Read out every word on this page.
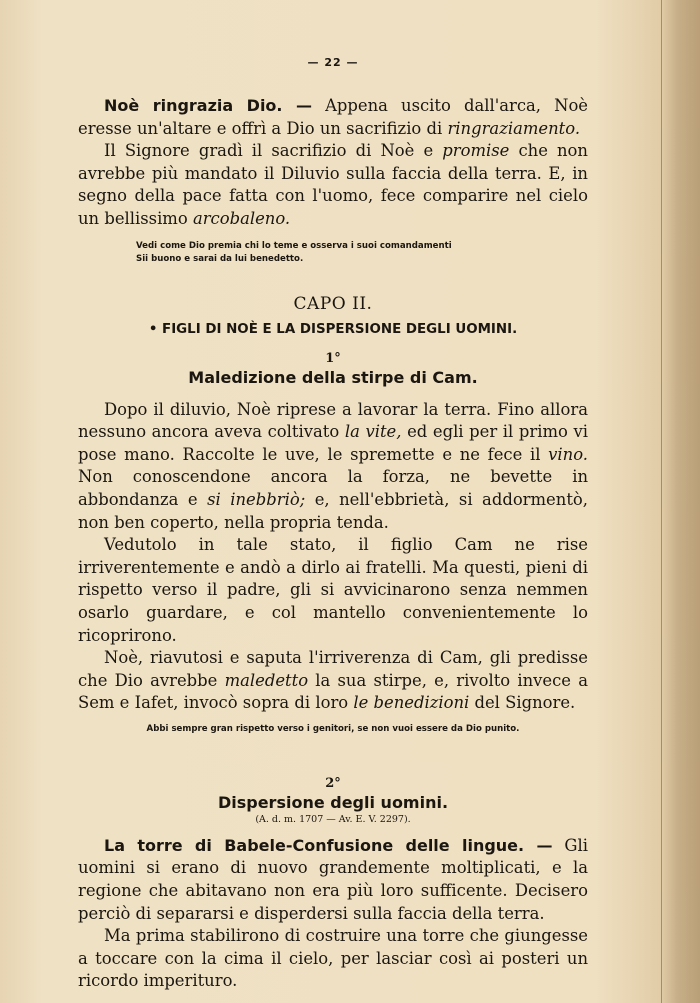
— 22 —

Noè ringrazia Dio. — Appena uscito dall'arca, Noè eresse un'altare e offrì a Dio un sacrifizio di ringraziamento.

Il Signore gradì il sacrifizio di Noè e promise che non avrebbe più mandato il Diluvio sulla faccia della terra. E, in segno della pace fatta con l'uomo, fece comparire nel cielo un bellissimo arcobaleno.

Vedi come Dio premia chi lo teme e osserva i suoi comandamenti
Sii buono e sarai da lui benedetto.
CAPO II.
• FIGLI DI NOÈ E LA DISPERSIONE DEGLI UOMINI.
1°
Maledizione della stirpe di Cam.

Dopo il diluvio, Noè riprese a lavorar la terra. Fino allora nessuno ancora aveva coltivato la vite, ed egli per il primo vi pose mano. Raccolte le uve, le spremette e ne fece il vino. Non conoscendone ancora la forza, ne bevette in abbondanza e si inebbriò; e, nell'ebbrietà, si addormentò, non ben coperto, nella propria tenda.

Vedutolo in tale stato, il figlio Cam ne rise irriverentemente e andò a dirlo ai fratelli. Ma questi, pieni di rispetto verso il padre, gli si avvicinarono senza nemmen osarlo guardare, e col mantello convenientemente lo ricoprirono.

Noè, riavutosi e saputa l'irriverenza di Cam, gli predisse che Dio avrebbe maledetto la sua stirpe, e, rivolto invece a Sem e Iafet, invocò sopra di loro le benedizioni del Signore.

Abbi sempre gran rispetto verso i genitori, se non vuoi essere da Dio punito.
2°
Dispersione degli uomini.
(A. d. m. 1707 — Av. E. V. 2297).

La torre di Babele-Confusione delle lingue. — Gli uomini si erano di nuovo grandemente moltiplicati, e la regione che abitavano non era più loro sufficente. Decisero perciò di separarsi e disperdersi sulla faccia della terra.

Ma prima stabilirono di costruire una torre che giungesse a toccare con la cima il cielo, per lasciar così ai posteri un ricordo imperituro.
